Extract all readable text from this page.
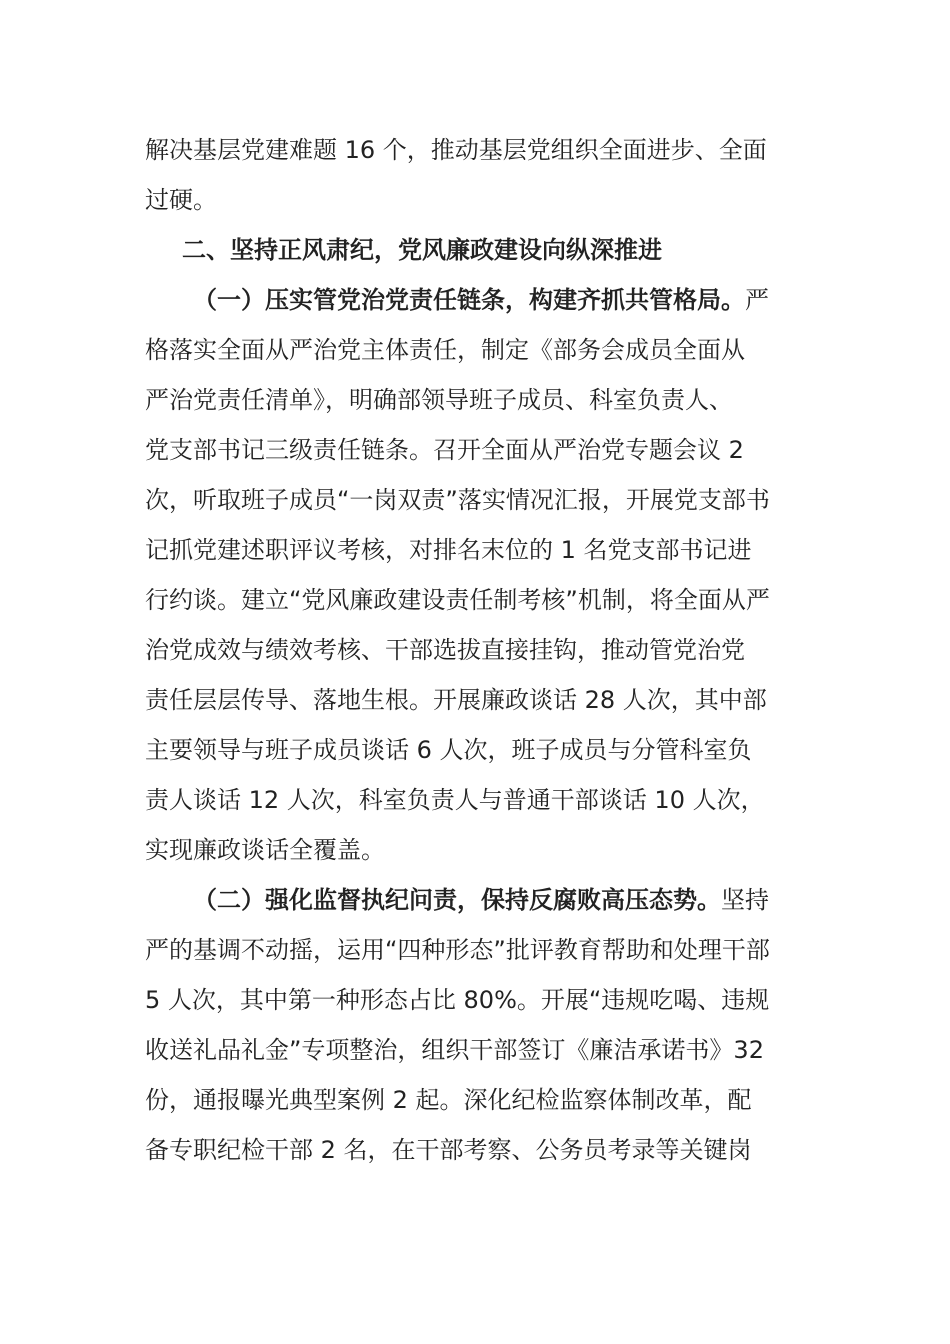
解决基层党建难题 16 个，推动基层党组织全面进步、全面
过硬。
二、坚持正风肃纪，党风廉政建设向纵深推进
（一）压实管党治党责任链条，构建齐抓共管格局。严
格落实全面从严治党主体责任，制定《部务会成员全面从
严治党责任清单》，明确部领导班子成员、科室负责人、
党支部书记三级责任链条。召开全面从严治党专题会议 2
次，听取班子成员“一岗双责”落实情况汇报，开展党支部书
记抓党建述职评议考核，对排名末位的 1 名党支部书记进
行约谈。建立“党风廉政建设责任制考核”机制，将全面从严
治党成效与绩效考核、干部选拔直接挂钩，推动管党治党
责任层层传导、落地生根。开展廉政谈话 28 人次，其中部
主要领导与班子成员谈话 6 人次，班子成员与分管科室负
责人谈话 12 人次，科室负责人与普通干部谈话 10 人次，
实现廉政谈话全覆盖。
（二）强化监督执纪问责，保持反腐败高压态势。坚持
严的基调不动摇，运用“四种形态”批评教育帮助和处理干部
5 人次，其中第一种形态占比 80%。开展“违规吃喝、违规
收送礼品礼金”专项整治，组织干部签订《廉洁承诺书》32
份，通报曝光典型案例 2 起。深化纪检监察体制改革，配
备专职纪检干部 2 名，在干部考察、公务员考录等关键岗
